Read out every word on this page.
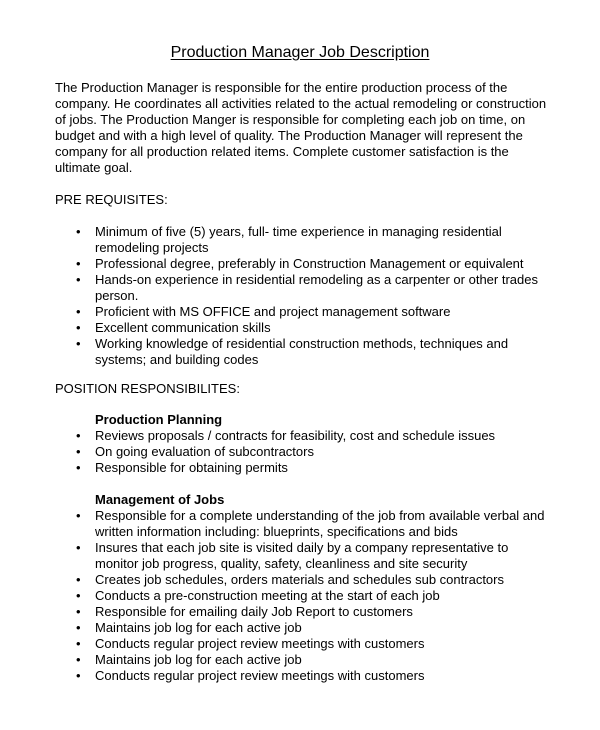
Production Manager Job Description

The Production Manager is responsible for the entire production process of the company. He coordinates all activities related to the actual remodeling or construction of jobs. The Production Manger is responsible for completing each job on time, on budget and with a high level of quality. The Production Manager will represent the company for all production related items. Complete customer satisfaction is the ultimate goal.

PRE REQUISITES:

•	Minimum of five (5) years, full- time experience in managing residential remodeling projects
•	Professional degree, preferably in Construction Management or equivalent
•	Hands-on experience in residential remodeling as a carpenter or other trades person.
•	Proficient with MS OFFICE and project management software
•	Excellent communication skills
•	Working knowledge of residential construction methods, techniques and systems; and building codes

POSITION RESPONSIBILITES:

Production Planning

•	Reviews proposals / contracts for feasibility, cost and schedule issues
•	On going evaluation of subcontractors
•	Responsible for obtaining permits

Management of Jobs

•	Responsible for a complete understanding of the job from available verbal and written information including: blueprints, specifications and bids
•	Insures that each job site is visited daily by a company representative to monitor job progress, quality, safety, cleanliness and site security
•	Creates job schedules, orders materials and schedules sub contractors
•	Conducts a pre-construction meeting at the start of each job
•	Responsible for emailing daily Job Report to customers
•	Maintains job log for each active job
•	Conducts regular project review meetings with customers
•	Maintains job log for each active job
•	Conducts regular project review meetings with customers
